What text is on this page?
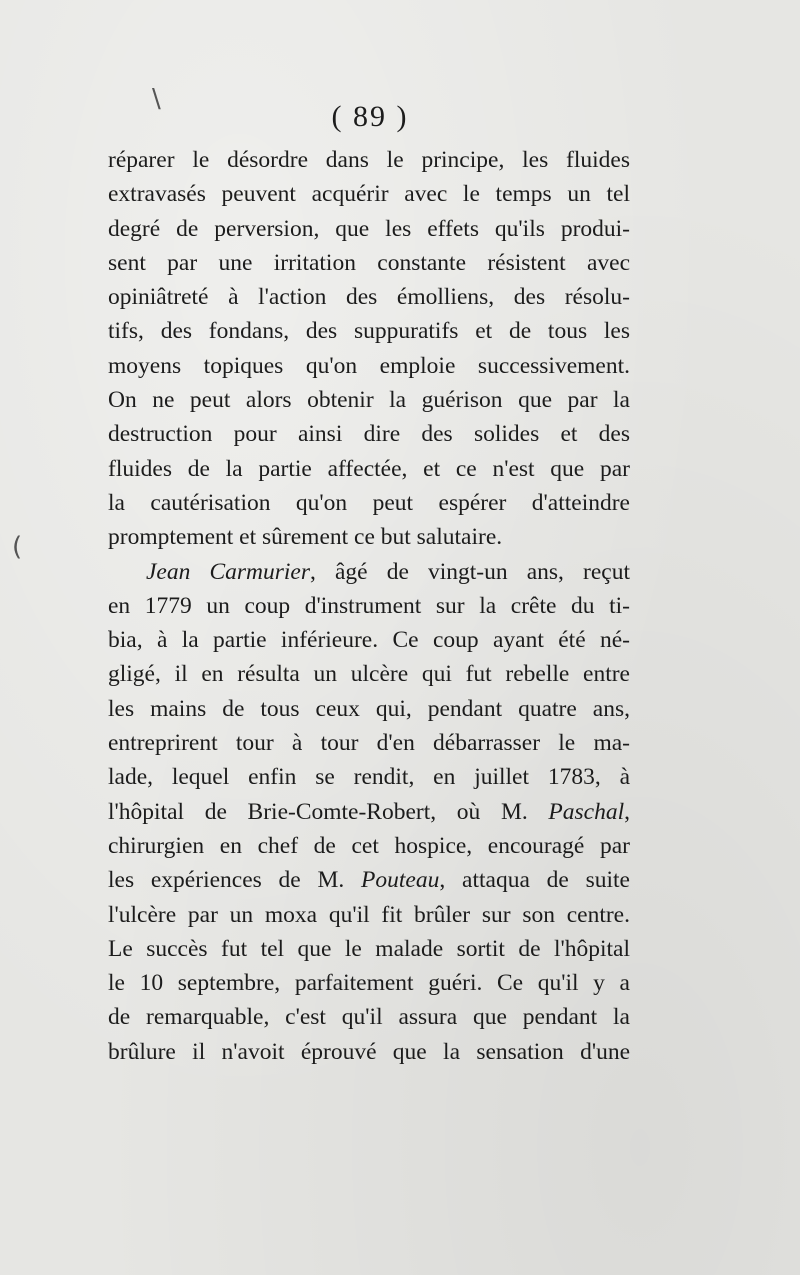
( 89 )
\
(
réparer le désordre dans le principe, les fluides
extravasés peuvent acquérir avec le temps un tel
degré de perversion, que les effets qu'ils produi-
sent par une irritation constante résistent avec
opiniâtreté à l'action des émolliens, des résolu-
tifs, des fondans, des suppuratifs et de tous les
moyens topiques qu'on emploie successivement.
On ne peut alors obtenir la guérison que par la
destruction pour ainsi dire des solides et des
fluides de la partie affectée, et ce n'est que par
la cautérisation qu'on peut espérer d'atteindre
promptement et sûrement ce but salutaire.
Jean Carmurier, âgé de vingt-un ans, reçut
en 1779 un coup d'instrument sur la crête du ti-
bia, à la partie inférieure. Ce coup ayant été né-
gligé, il en résulta un ulcère qui fut rebelle entre
les mains de tous ceux qui, pendant quatre ans,
entreprirent tour à tour d'en débarrasser le ma-
lade, lequel enfin se rendit, en juillet 1783, à
l'hôpital de Brie-Comte-Robert, où M. Paschal,
chirurgien en chef de cet hospice, encouragé par
les expériences de M. Pouteau, attaqua de suite
l'ulcère par un moxa qu'il fit brûler sur son centre.
Le succès fut tel que le malade sortit de l'hôpital
le 10 septembre, parfaitement guéri. Ce qu'il y a
de remarquable, c'est qu'il assura que pendant la
brûlure il n'avoit éprouvé que la sensation d'une
